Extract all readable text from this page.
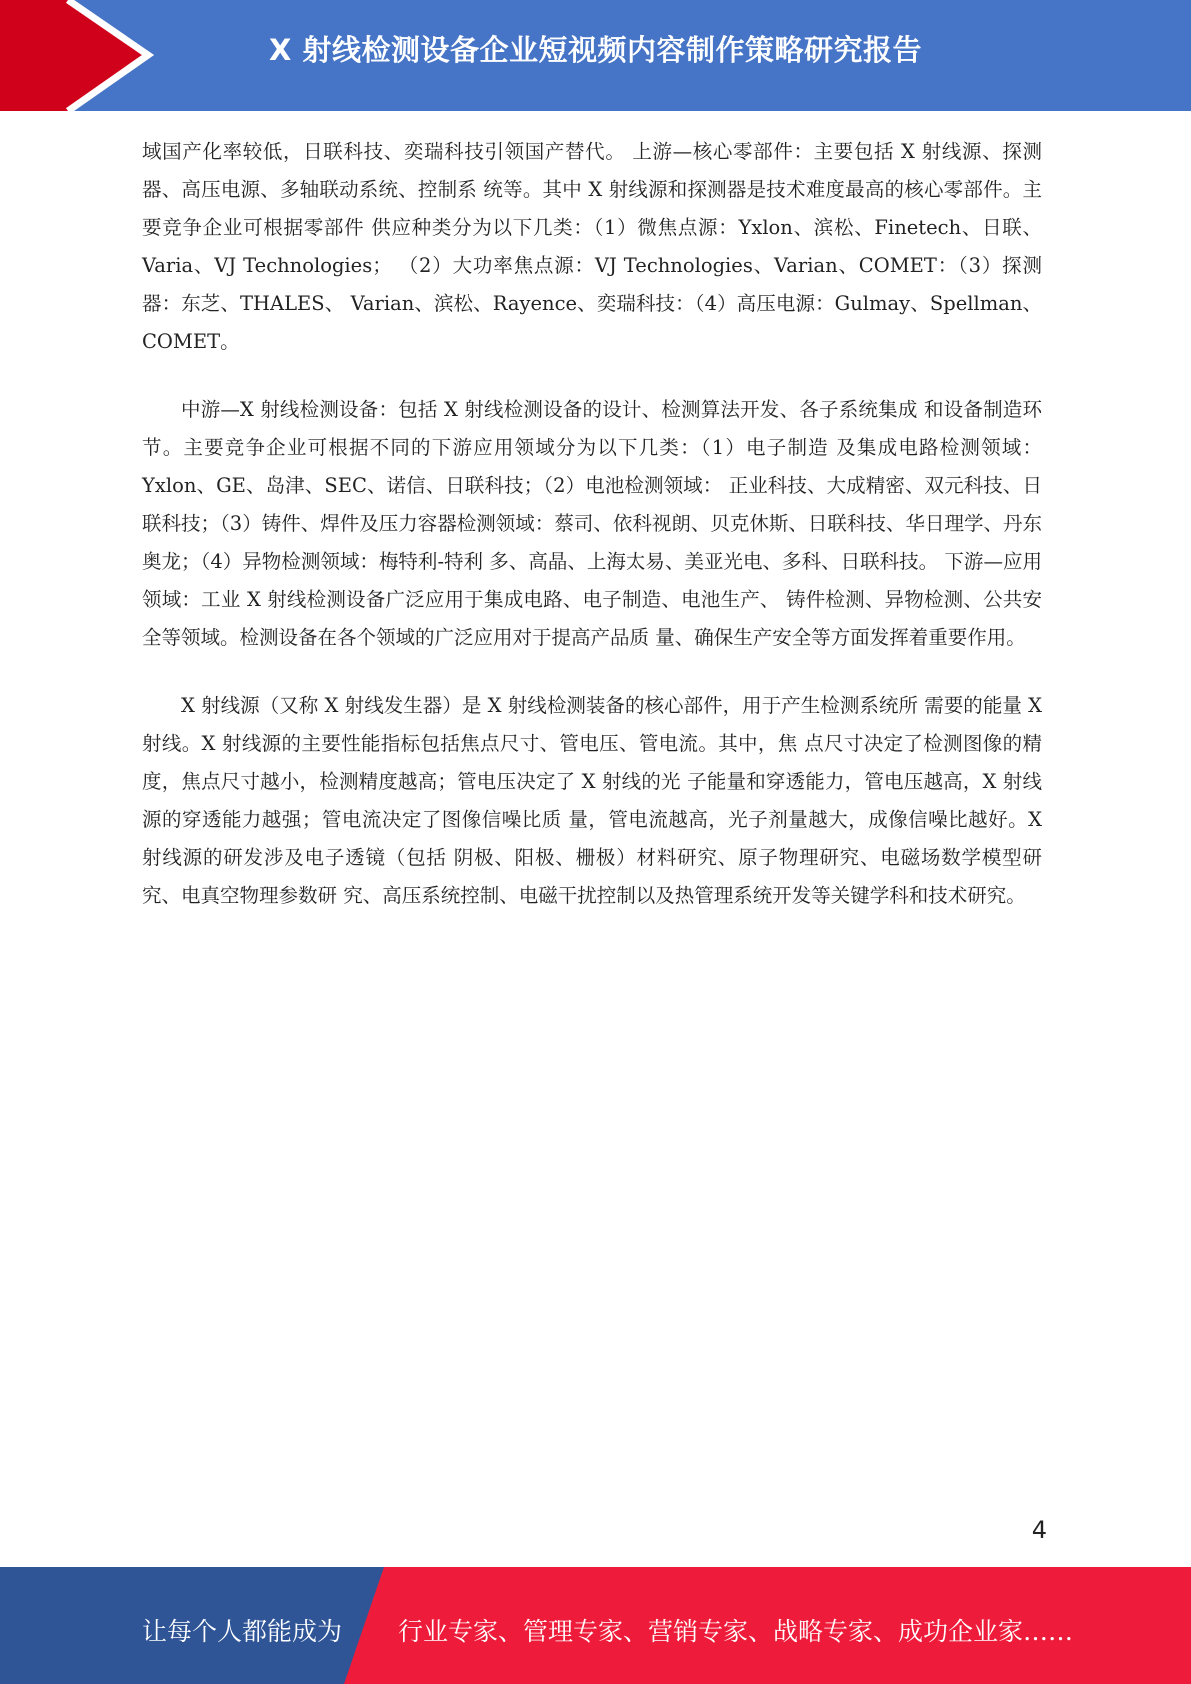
X 射线检测设备企业短视频内容制作策略研究报告

域国产化率较低，日联科技、奕瑞科技引领国产替代。 上游—核心零部件：主要包括 X 射线源、探测器、高压电源、多轴联动系统、控制系 统等。其中 X 射线源和探测器是技术难度最高的核心零部件。主要竞争企业可根据零部件 供应种类分为以下几类：（1）微焦点源：Yxlon、滨松、Finetech、日联、Varia、VJ Technologies； （2）大功率焦点源：VJ Technologies、Varian、COMET：（3）探测器：东芝、THALES、 Varian、滨松、Rayence、奕瑞科技：（4）高压电源：Gulmay、Spellman、COMET。

中游—X 射线检测设备：包括 X 射线检测设备的设计、检测算法开发、各子系统集成 和设备制造环节。主要竞争企业可根据不同的下游应用领域分为以下几类：（1）电子制造 及集成电路检测领域：Yxlon、GE、岛津、SEC、诺信、日联科技；（2）电池检测领域： 正业科技、大成精密、双元科技、日联科技；（3）铸件、焊件及压力容器检测领域：蔡司、依科视朗、贝克休斯、日联科技、华日理学、丹东奥龙；（4）异物检测领域：梅特利-特利 多、高晶、上海太易、美亚光电、多科、日联科技。 下游—应用领域：工业 X 射线检测设备广泛应用于集成电路、电子制造、电池生产、 铸件检测、异物检测、公共安全等领域。检测设备在各个领域的广泛应用对于提高产品质 量、确保生产安全等方面发挥着重要作用。

X 射线源（又称 X 射线发生器）是 X 射线检测装备的核心部件，用于产生检测系统所 需要的能量 X 射线。X 射线源的主要性能指标包括焦点尺寸、管电压、管电流。其中，焦 点尺寸决定了检测图像的精度，焦点尺寸越小，检测精度越高；管电压决定了 X 射线的光 子能量和穿透能力，管电压越高，X 射线源的穿透能力越强；管电流决定了图像信噪比质 量，管电流越高，光子剂量越大，成像信噪比越好。X 射线源的研发涉及电子透镜（包括 阴极、阳极、栅极）材料研究、原子物理研究、电磁场数学模型研究、电真空物理参数研 究、高压系统控制、电磁干扰控制以及热管理系统开发等关键学科和技术研究。

4
让每个人都能成为 行业专家、管理专家、营销专家、战略专家、成功企业家……
